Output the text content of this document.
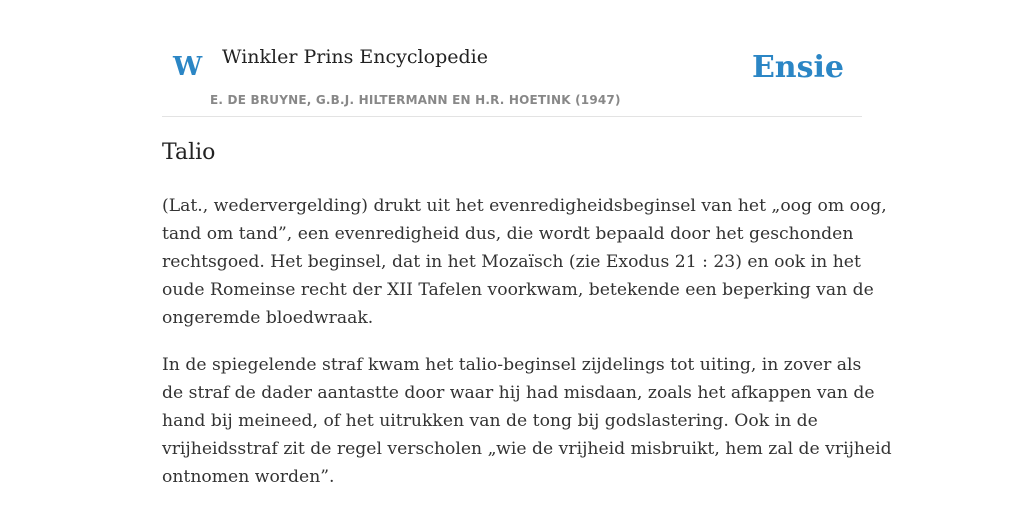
W Winkler Prins Encyclopedie
E. DE BRUYNE, G.B.J. HILTERMANN EN H.R. HOETINK (1947)
Ensie
Talio

(Lat., wedervergelding) drukt uit het evenredigheidsbeginsel van het „oog om oog,
tand om tand”, een evenredigheid dus, die wordt bepaald door het geschonden
rechtsgoed. Het beginsel, dat in het Mozaïsch (zie Exodus 21 : 23) en ook in het
oude Romeinse recht der XII Tafelen voorkwam, betekende een beperking van de
ongeremde bloedwraak.

In de spiegelende straf kwam het talio-beginsel zijdelings tot uiting, in zover als
de straf de dader aantastte door waar hij had misdaan, zoals het afkappen van de
hand bij meineed, of het uitrukken van de tong bij godslastering. Ook in de
vrijheidsstraf zit de regel verscholen „wie de vrijheid misbruikt, hem zal de vrijheid
ontnomen worden”.
